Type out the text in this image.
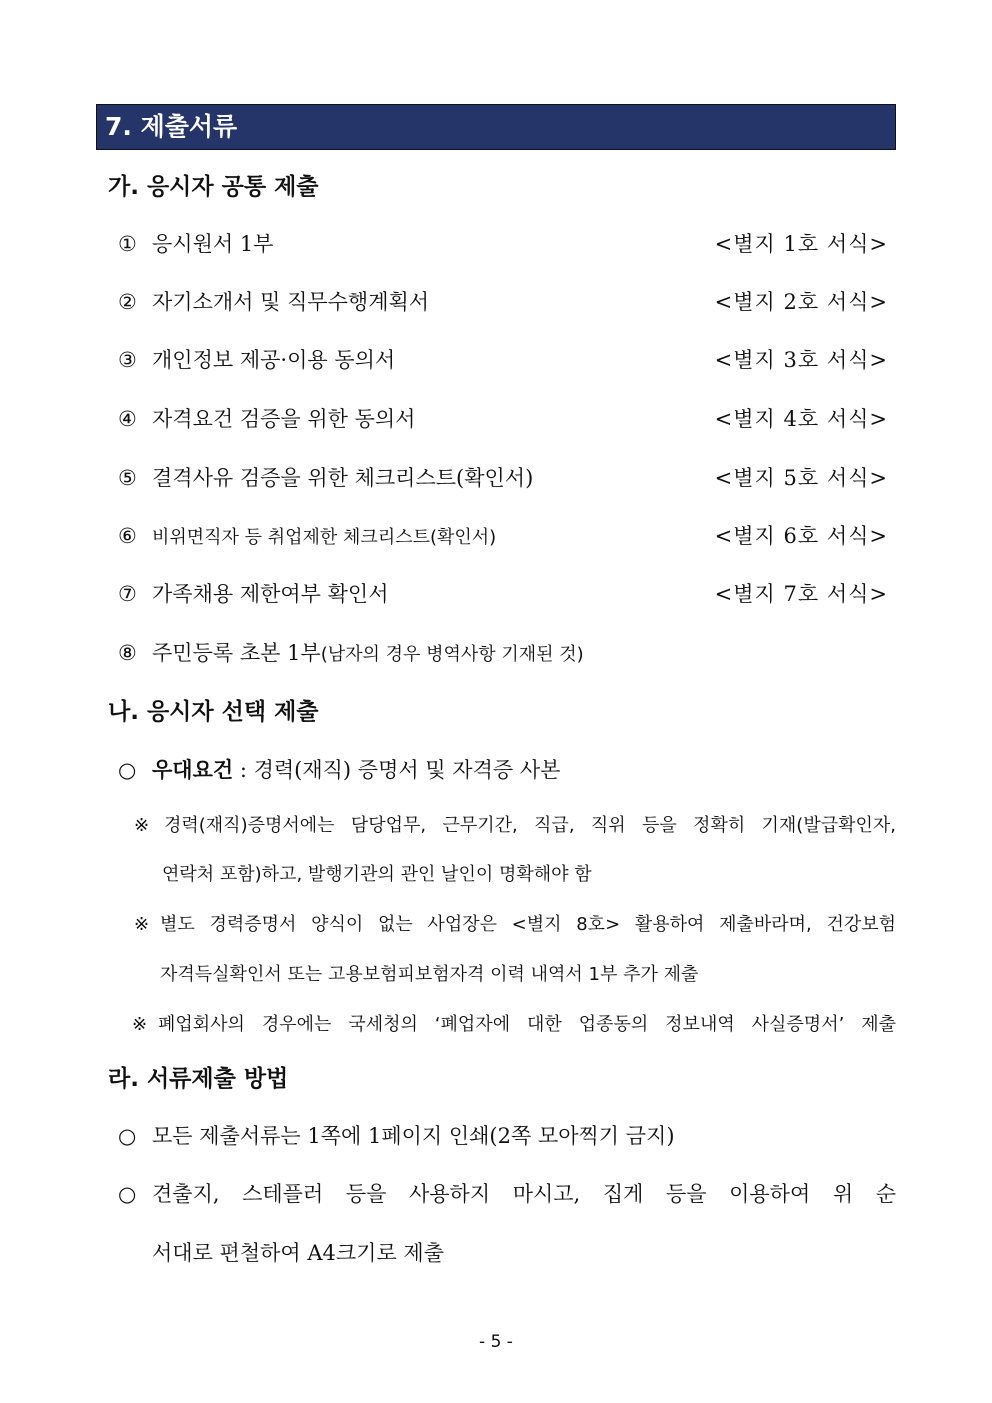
7. 제출서류
가. 응시자 공통 제출
① 응시원서 1부	<별지 1호 서식>
② 자기소개서 및 직무수행계획서	<별지 2호 서식>
③ 개인정보 제공·이용 동의서	<별지 3호 서식>
④ 자격요건 검증을 위한 동의서	<별지 4호 서식>
⑤ 결격사유 검증을 위한 체크리스트(확인서)	<별지 5호 서식>
⑥ 비위면직자 등 취업제한 체크리스트(확인서)	<별지 6호 서식>
⑦ 가족채용 제한여부 확인서	<별지 7호 서식>
⑧ 주민등록 초본 1부(남자의 경우 병역사항 기재된 것)
나. 응시자 선택 제출
○ 우대요건 : 경력(재직) 증명서 및 자격증 사본
※ 경력(재직)증명서에는 담당업무, 근무기간, 직급, 직위 등을 정확히 기재(발급확인자,
연락처 포함)하고, 발행기관의 관인 날인이 명확해야 함
※ 별도 경력증명서 양식이 없는 사업장은 <별지 8호> 활용하여 제출바라며, 건강보험
자격득실확인서 또는 고용보험피보험자격 이력 내역서 1부 추가 제출
※ 폐업회사의 경우에는 국세청의 ‘폐업자에 대한 업종동의 정보내역 사실증명서’ 제출
라. 서류제출 방법
○ 모든 제출서류는 1쪽에 1페이지 인쇄(2쪽 모아찍기 금지)
○ 견출지, 스테플러 등을 사용하지 마시고, 집게 등을 이용하여 위 순
서대로 편철하여 A4크기로 제출
- 5 -
